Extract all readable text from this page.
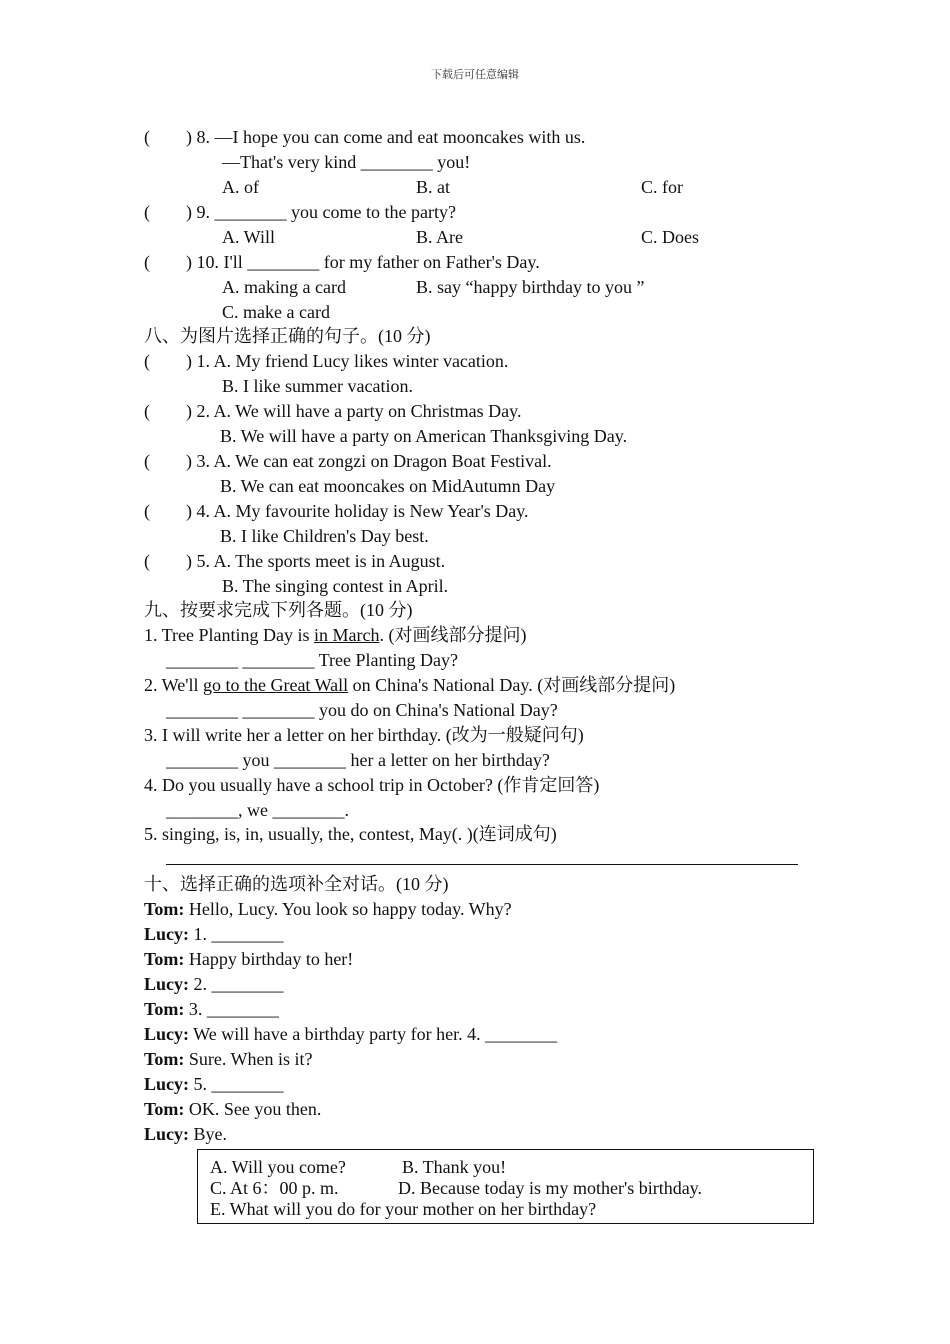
下载后可任意编辑
(        ) 8. —I hope you can come and eat mooncakes with us.
—That's very kind ________ you!
A. of	B. at	C. for
(        ) 9. ________ you come to the party?
A. Will	B. Are	C. Does
(        ) 10. I'll ________ for my father on Father's Day.
A. making a card	B. say “happy birthday to you ”
C. make a card
八、为图片选择正确的句子。(10 分)
(        ) 1. A. My friend Lucy likes winter vacation.
B. I like summer vacation.
(        ) 2. A. We will have a party on Christmas Day.
B. We will have a party on American Thanksgiving Day.
(        ) 3. A. We can eat zongzi on Dragon Boat Festival.
B. We can eat mooncakes on MidAutumn Day
(        ) 4. A. My favourite holiday is New Year's Day.
B. I like Children's Day best.
(        ) 5. A. The sports meet is in August.
B. The singing contest in April.
九、按要求完成下列各题。(10 分)
1. Tree Planting Day is in March. (对画线部分提问)
________ ________ Tree Planting Day?
2. We'll go to the Great Wall on China's National Day. (对画线部分提问)
________ ________ you do on China's National Day?
3. I will write her a letter on her birthday. (改为一般疑问句)
________ you ________ her a letter on her birthday?
4. Do you usually have a school trip in October? (作肯定回答)
________, we ________.
5. singing, is, in, usually, the, contest, May(. )(连词成句)
十、选择正确的选项补全对话。(10 分)
Tom: Hello, Lucy. You look so happy today. Why?
Lucy: 1. ________
Tom: Happy birthday to her!
Lucy: 2. ________
Tom: 3. ________
Lucy: We will have a birthday party for her. 4. ________
Tom: Sure. When is it?
Lucy: 5. ________
Tom: OK. See you then.
Lucy: Bye.
A. Will you come?	B. Thank you!
C. At 6：00 p. m.	D. Because today is my mother's birthday.
E. What will you do for your mother on her birthday?
